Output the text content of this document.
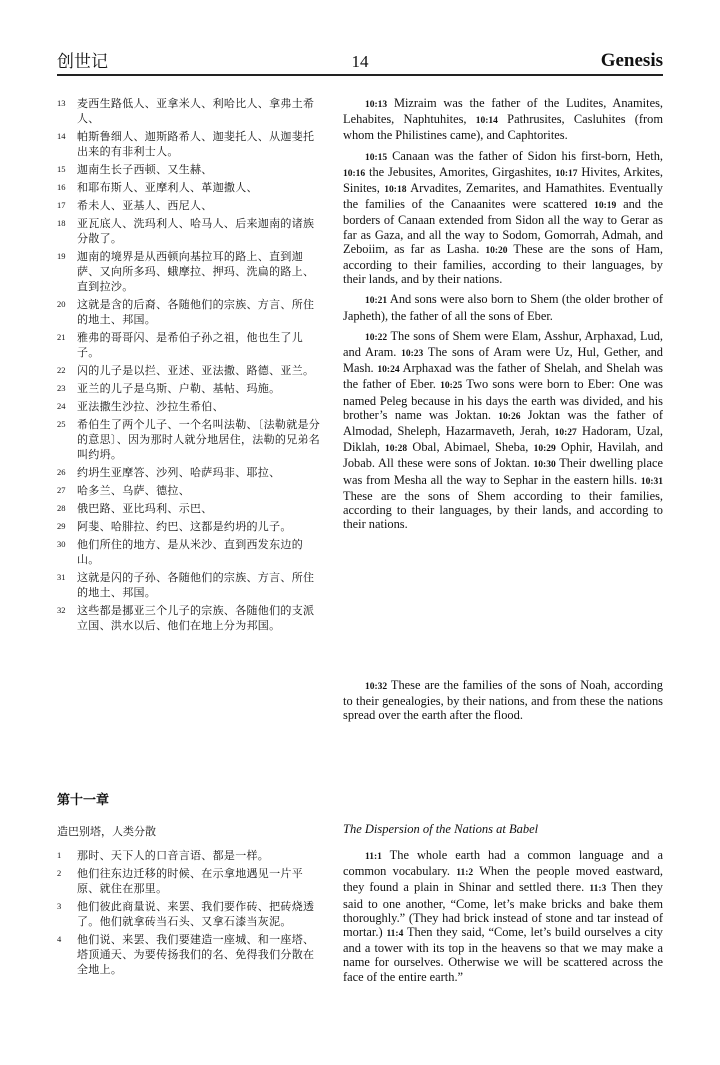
创世记	14	Genesis
13	麦西生路低人、亚拿米人、利哈比人、拿弗土希人、
14	帕斯鲁细人、迦斯路希人、迦斐托人、从迦斐托出来的有非利士人。
15	迦南生长子西顿、又生赫、
16	和耶布斯人、亚摩利人、革迦撒人、
17	希未人、亚基人、西尼人、
18	亚瓦底人、洗玛利人、哈马人、后来迦南的诸族分散了。
19	迦南的境界是从西顿向基拉耳的路上、直到迦萨、又向所多玛、蛾摩拉、押玛、洗扁的路上、直到拉沙。
20	这就是含的后裔、各随他们的宗族、方言、所住的地土、邦国。
21	雅弗的哥哥闪、是希伯子孙之祖，他也生了儿子。
22	闪的儿子是以拦、亚述、亚法撒、路德、亚兰。
23	亚兰的儿子是乌斯、户勒、基帖、玛施。
24	亚法撒生沙拉、沙拉生希伯、
25	希伯生了两个儿子、一个名叫法勒、〔法勒就是分的意思〕、因为那时人就分地居住，法勒的兄弟名叫约坍。
26	约坍生亚摩答、沙列、哈萨玛非、耶拉、
27	哈多兰、乌萨、德拉、
28	俄巴路、亚比玛利、示巴、
29	阿斐、哈腓拉、约巴、这都是约坍的儿子。
30	他们所住的地方、是从米沙、直到西发东边的山。
31	这就是闪的子孙、各随他们的宗族、方言、所住的地土、邦国。
32	这些都是挪亚三个儿子的宗族、各随他们的支派立国、洪水以后、他们在地上分为邦国。

10:13 Mizraim was the father of the Ludites, Anamites, Lehabites, Naphtuhites, 10:14 Pathrusites, Casluhites (from whom the Philistines came), and Caphtorites.

10:15 Canaan was the father of Sidon his first-born, Heth, 10:16 the Jebusites, Amorites, Girgashites, 10:17 Hivites, Arkites, Sinites, 10:18 Arvadites, Zemarites, and Hamathites. Eventually the families of the Canaanites were scattered 10:19 and the borders of Canaan extended from Sidon all the way to Gerar as far as Gaza, and all the way to Sodom, Gomorrah, Admah, and Zeboiim, as far as Lasha. 10:20 These are the sons of Ham, according to their families, according to their languages, by their lands, and by their nations.

10:21 And sons were also born to Shem (the older brother of Japheth), the father of all the sons of Eber.

10:22 The sons of Shem were Elam, Asshur, Arphaxad, Lud, and Aram. 10:23 The sons of Aram were Uz, Hul, Gether, and Mash. 10:24 Arphaxad was the father of Shelah, and Shelah was the father of Eber. 10:25 Two sons were born to Eber: One was named Peleg because in his days the earth was divided, and his brother’s name was Joktan. 10:26 Joktan was the father of Almodad, Sheleph, Hazarmaveth, Jerah, 10:27 Hadoram, Uzal, Diklah, 10:28 Obal, Abimael, Sheba, 10:29 Ophir, Havilah, and Jobab. All these were sons of Joktan. 10:30 Their dwelling place was from Mesha all the way to Sephar in the eastern hills. 10:31 These are the sons of Shem according to their families, according to their languages, by their lands, and according to their nations.

10:32 These are the families of the sons of Noah, according to their genealogies, by their nations, and from these the nations spread over the earth after the flood.

第十一章
造巴别塔，人类分散	The Dispersion of the Nations at Babel
1	那时、天下人的口音言语、都是一样。
2	他们往东边迁移的时候、在示拿地遇见一片平原、就住在那里。
3	他们彼此商量说、来罢、我们要作砖、把砖烧透了。他们就拿砖当石头、又拿石漆当灰泥。
4	他们说、来罢、我们要建造一座城、和一座塔、塔顶通天、为要传扬我们的名、免得我们分散在全地上。

11:1 The whole earth had a common language and a common vocabulary. 11:2 When the people moved eastward, they found a plain in Shinar and settled there. 11:3 Then they said to one another, “Come, let’s make bricks and bake them thoroughly.” (They had brick instead of stone and tar instead of mortar.) 11:4 Then they said, “Come, let’s build ourselves a city and a tower with its top in the heavens so that we may make a name for ourselves. Otherwise we will be scattered across the face of the entire earth.”
